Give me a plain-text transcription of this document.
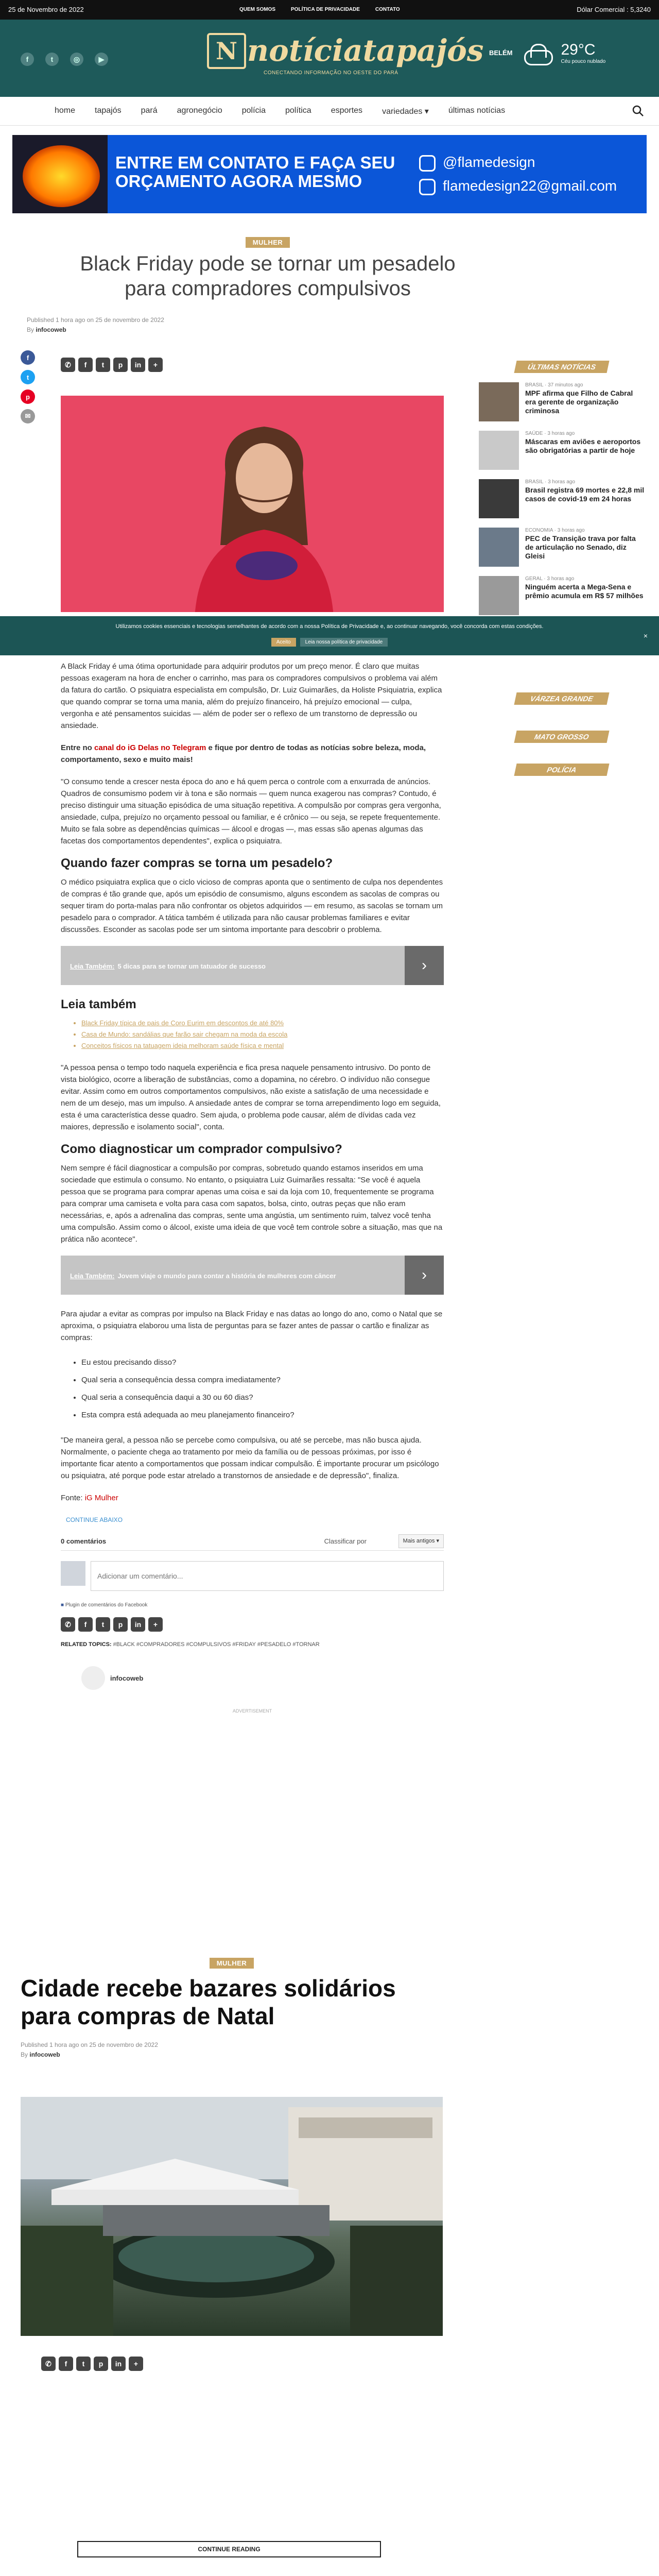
25 de Novembro de 2022	QUEM SOMOS	POLÍTICA DE PRIVACIDADE	CONTATO	Dólar Comercial : 5,3240
f	t	◎	▶
BELÉM	29°C
Céu pouco nublado
N notíciatapajós
CONECTANDO INFORMAÇÃO NO OESTE DO PARÁ
home tapajós pará agronegócio polícia política esportes variedades ▾ últimas notícias
ENTRE EM CONTATO E FAÇA SEU ORÇAMENTO AGORA MESMO
@flamedesign
flamedesign22@gmail.com
MULHER
Black Friday pode se tornar um pesadelo para compradores compulsivos
Published 1 hora ago on 25 de novembro de 2022
By infocoweb
f
t
p
✉
✆	f	t	p	in	+	ÚLTIMAS NOTÍCIAS
BRASIL · 37 minutos ago
MPF afirma que Filho de Cabral era gerente de organização criminosa
SAÚDE · 3 horas ago
Máscaras em aviões e aeroportos são obrigatórias a partir de hoje
BRASIL · 3 horas ago
Brasil registra 69 mortes e 22,8 mil casos de covid-19 em 24 horas
ECONOMIA · 3 horas ago
PEC de Transição trava por falta de articulação no Senado, diz Gleisi
GERAL · 3 horas ago
Ninguém acerta a Mega-Sena e prêmio acumula em R$ 57 milhões
VÁRZEA GRANDE
MATO GROSSO
POLÍCIA
Utilizamos cookies essenciais e tecnologias semelhantes de acordo com a nossa Política de Privacidade e, ao continuar navegando, você concorda com estas condições.
Aceito	Leia nossa política de privacidade
×

A Black Friday é uma ótima oportunidade para adquirir produtos por um preço menor. É claro que muitas pessoas exageram na hora de encher o carrinho, mas para os compradores compulsivos o problema vai além da fatura do cartão. O psiquiatra especialista em compulsão, Dr. Luiz Guimarães, da Holiste Psiquiatria, explica que quando comprar se torna uma mania, além do prejuízo financeiro, há prejuízo emocional — culpa, vergonha e até pensamentos suicidas — além de poder ser o reflexo de um transtorno de depressão ou ansiedade.

Entre no canal do iG Delas no Telegram e fique por dentro de todas as notícias sobre beleza, moda, comportamento, sexo e muito mais!

"O consumo tende a crescer nesta época do ano e há quem perca o controle com a enxurrada de anúncios. Quadros de consumismo podem vir à tona e são normais — quem nunca exagerou nas compras? Contudo, é preciso distinguir uma situação episódica de uma situação repetitiva. A compulsão por compras gera vergonha, ansiedade, culpa, prejuízo no orçamento pessoal ou familiar, e é crônico — ou seja, se repete frequentemente. Muito se fala sobre as dependências químicas — álcool e drogas —, mas essas são apenas algumas das facetas dos comportamentos dependentes", explica o psiquiatra.

Quando fazer compras se torna um pesadelo?

O médico psiquiatra explica que o ciclo vicioso de compras aponta que o sentimento de culpa nos dependentes de compras é tão grande que, após um episódio de consumismo, alguns escondem as sacolas de compras ou sequer tiram do porta-malas para não confrontar os objetos adquiridos — em resumo, as sacolas se tornam um pesadelo para o comprador. A tática também é utilizada para não causar problemas familiares e evitar discussões. Esconder as sacolas pode ser um sintoma importante para descobrir o problema.

Leia Também: 5 dicas para se tornar um tatuador de sucesso	›
Leia também
• Black Friday típica de pais de Coro Eurim em descontos de até 80%
• Casa de Mundo: sandálias que farão sair chegam na moda da escola
• Conceitos físicos na tatuagem ideia melhoram saúde física e mental

"A pessoa pensa o tempo todo naquela experiência e fica presa naquele pensamento intrusivo. Do ponto de vista biológico, ocorre a liberação de substâncias, como a dopamina, no cérebro. O indivíduo não consegue evitar. Assim como em outros comportamentos compulsivos, não existe a satisfação de uma necessidade e nem de um desejo, mas um impulso. A ansiedade antes de comprar se torna arrependimento logo em seguida, esta é uma característica desse quadro. Sem ajuda, o problema pode causar, além de dívidas cada vez maiores, depressão e isolamento social", conta.

Como diagnosticar um comprador compulsivo?

Nem sempre é fácil diagnosticar a compulsão por compras, sobretudo quando estamos inseridos em uma sociedade que estimula o consumo. No entanto, o psiquiatra Luiz Guimarães ressalta: "Se você é aquela pessoa que se programa para comprar apenas uma coisa e sai da loja com 10, frequentemente se programa para comprar uma camiseta e volta para casa com sapatos, bolsa, cinto, outras peças que não eram necessárias, e, após a adrenalina das compras, sente uma angústia, um sentimento ruim, talvez você tenha uma compulsão. Assim como o álcool, existe uma ideia de que você tem controle sobre a situação, mas que na prática não acontece".

Leia Também: Jovem viaje o mundo para contar a história de mulheres com câncer	›

Para ajudar a evitar as compras por impulso na Black Friday e nas datas ao longo do ano, como o Natal que se aproxima, o psiquiatra elaborou uma lista de perguntas para se fazer antes de passar o cartão e finalizar as compras:

• Eu estou precisando disso?
• Qual seria a consequência dessa compra imediatamente?
• Qual seria a consequência daqui a 30 ou 60 dias?
• Esta compra está adequada ao meu planejamento financeiro?

"De maneira geral, a pessoa não se percebe como compulsiva, ou até se percebe, mas não busca ajuda. Normalmente, o paciente chega ao tratamento por meio da família ou de pessoas próximas, por isso é importante ficar atento a comportamentos que possam indicar compulsão. É importante procurar um psicólogo ou psiquiatra, até porque pode estar atrelado a transtornos de ansiedade e de depressão", finaliza.

Fonte: iG Mulher

CONTINUE ABAIXO
0 comentários	Classificar por	Mais antigos ▾
Adicionar um comentário...
■ Plugin de comentários do Facebook
✆	f	t	p	in	+
RELATED TOPICS: #BLACK #COMPRADORES #COMPULSIVOS #FRIDAY #PESADELO #TORNAR
infocoweb
ADVERTISEMENT
MULHER
Cidade recebe bazares solidários para compras de Natal
Published 1 hora ago on 25 de novembro de 2022
By infocoweb
✆	f	t	p	in	+
CONTINUE READING
